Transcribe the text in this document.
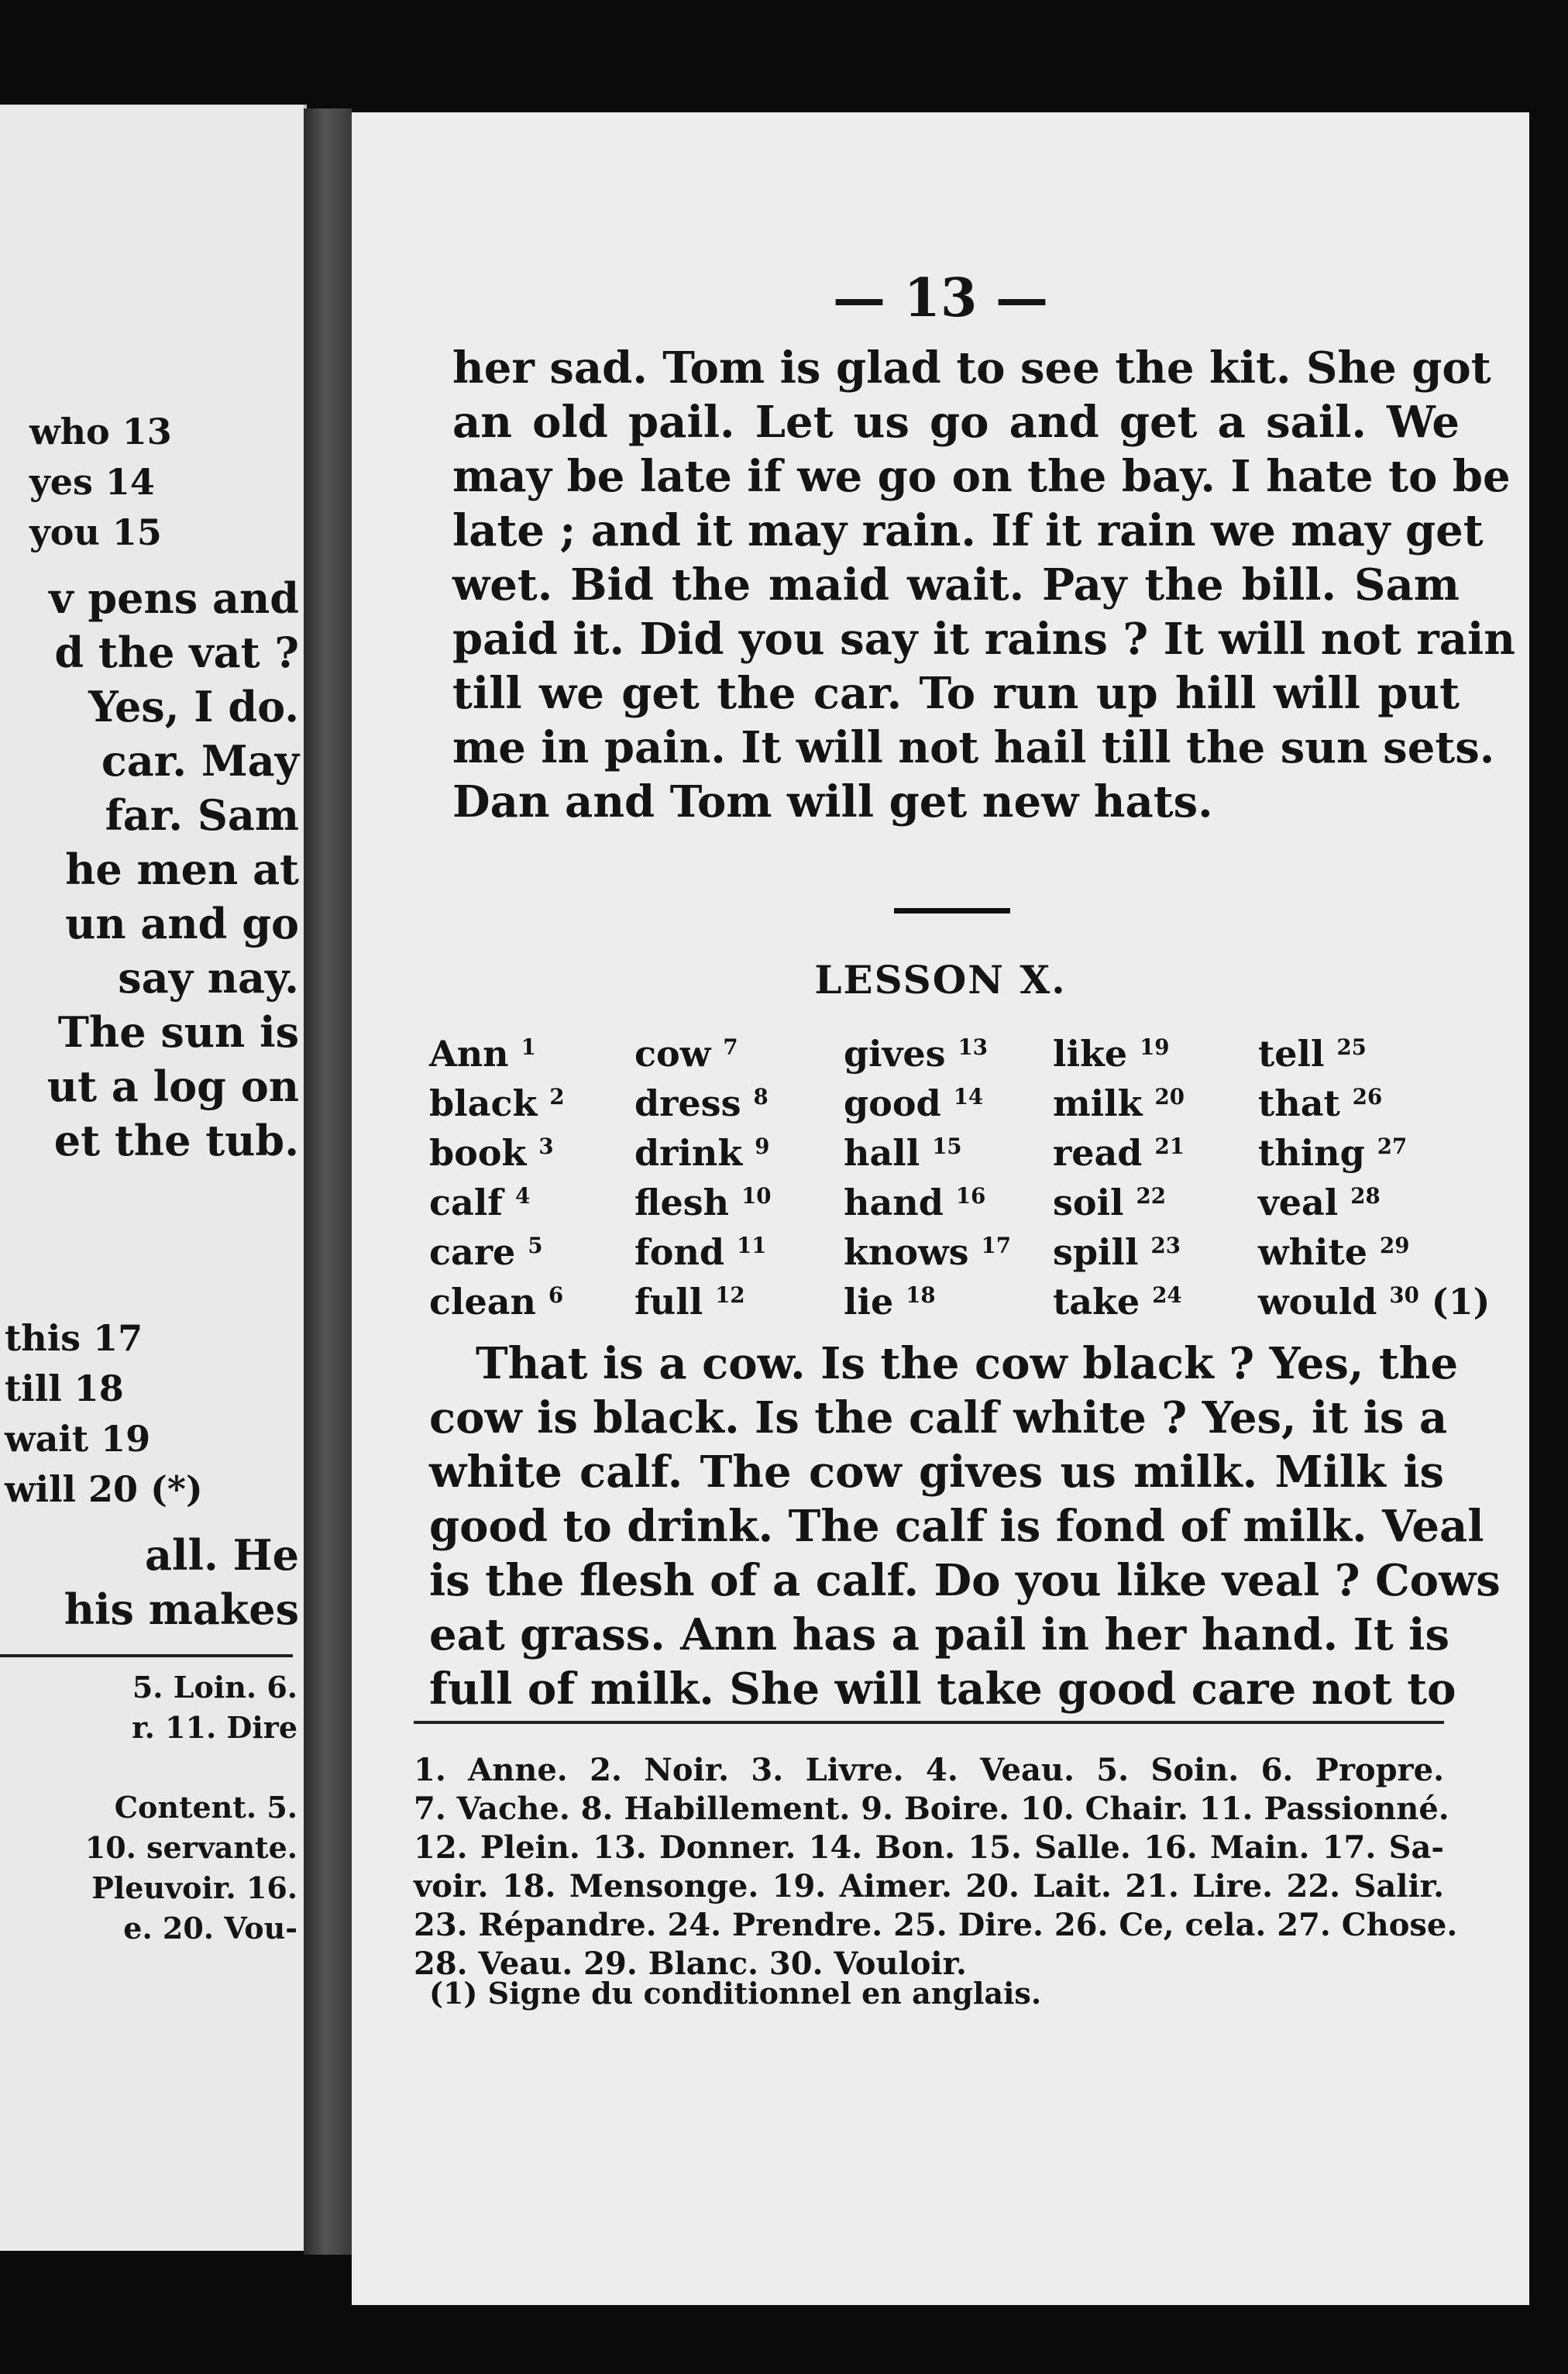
who 13
yes 14
you 15
v pens and
d the vat ?
Yes, I do.
car. May
far. Sam
he men at
un and go
say nay.
The sun is
ut a log on
et the tub.
this 17
till 18
wait 19
will 20 (*)
all. He
his makes
5. Loin. 6.
r. 11. Dire
Content. 5.
10. servante.
Pleuvoir. 16.
e. 20. Vou-
— 13 —
her sad. Tom is glad to see the kit. She got
an old pail. Let us go and get a sail. We
may be late if we go on the bay. I hate to be
late ; and it may rain. If it rain we may get
wet. Bid the maid wait. Pay the bill. Sam
paid it. Did you say it rains ? It will not rain
till we get the car. To run up hill will put
me in pain. It will not hail till the sun sets.
Dan and Tom will get new hats.
LESSON X.
Ann $^1$
black $^2$
book $^3$
calf $^4$
care $^5$
clean $^6$
cow $^7$
dress $^8$
drink $^9$
flesh $^{10}$
fond $^{11}$
full $^{12}$
gives $^{13}$
good $^{14}$
hall $^{15}$
hand $^{16}$
knows $^{17}$
lie $^{18}$
like $^{19}$
milk $^{20}$
read $^{21}$
soil $^{22}$
spill $^{23}$
take $^{24}$
tell $^{25}$
that $^{26}$
thing $^{27}$
veal $^{28}$
white $^{29}$
would $^{30}$ (1)
That is a cow. Is the cow black ? Yes, the
cow is black. Is the calf white ? Yes, it is a
white calf. The cow gives us milk. Milk is
good to drink. The calf is fond of milk. Veal
is the flesh of a calf. Do you like veal ? Cows
eat grass. Ann has a pail in her hand. It is
full of milk. She will take good care not to
1. Anne. 2. Noir. 3. Livre. 4. Veau. 5. Soin. 6. Propre.
7. Vache. 8. Habillement. 9. Boire. 10. Chair. 11. Passionné.
12. Plein. 13. Donner. 14. Bon. 15. Salle. 16. Main. 17. Sa-
voir. 18. Mensonge. 19. Aimer. 20. Lait. 21. Lire. 22. Salir.
23. Répandre. 24. Prendre. 25. Dire. 26. Ce, cela. 27. Chose.
28. Veau. 29. Blanc. 30. Vouloir.
(1) Signe du conditionnel en anglais.
